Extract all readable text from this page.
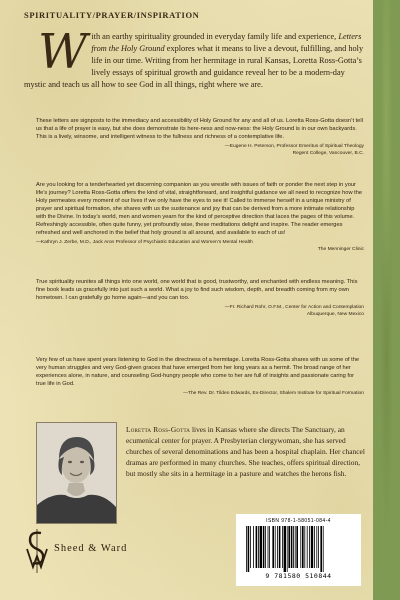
SPIRITUALITY/PRAYER/INSPIRATION

With an earthy spirituality grounded in everyday family life and experience, Letters from the Holy Ground explores what it means to live a devout, fulfilling, and holy life in our time. Writing from her hermitage in rural Kansas, Loretta Ross-Gotta’s lively essays of spiritual growth and guidance reveal her to be a modern-day mystic and teach us all how to see God in all things, right where we are.

These letters are signposts to the immediacy and accessibility of Holy Ground for any and all of us. Loretta Ross-Gotta doesn’t tell us that a life of prayer is easy, but she does demonstrate its here-ness and now-ness: the Holy Ground is in our own backyards. This is a lively, winsome, and intelligent witness to the fullness and richness of a contemplative life.

—Eugene H. Peterson, Professor Emeritus of Spiritual Theology
Regent College, Vancouver, B.C.

Are you looking for a tenderhearted yet discerning companion as you wrestle with issues of faith or ponder the next step in your life’s journey? Loretta Ross-Gotta offers the kind of vital, straightforward, and insightful guidance we all need to recognize how the Holy permeates every moment of our lives if we only have the eyes to see it! Called to immerse herself in a unique ministry of prayer and spiritual formation, she shares with us the sustenance and joy that can be derived from a more intimate relationship with the Divine. In today’s world, men and women yearn for the kind of perceptive direction that laces the pages of this volume. Refreshingly accessible, often quite funny, yet profoundly wise, these meditations delight and inspire. The reader emerges refreshed and well anchored in the belief that holy ground is all around, and available to each of us!

—Kathryn J. Zerbe, M.D., Jack Aron Professor of Psychiatric Education and Women’s Mental Health
The Menninger Clinic

True spirituality reunites all things into one world, one world that is good, trustworthy, and enchanted with endless meaning. This fine book leads us gracefully into just such a world. What a joy to find such wisdom, depth, and breadth coming from my own hometown. I can gratefully go home again—and you can too.

—Fr. Richard Rohr, O.F.M., Center for Action and Contemplation
Albuquerque, New Mexico

Very few of us have spent years listening to God in the directness of a hermitage. Loretta Ross-Gotta shares with us some of the very human struggles and very God-given graces that have emerged from her long years as a hermit. The broad range of her experiences alone, in nature, and counseling God-hungry people who come to her are full of insights and passionate caring for true life in God.

—The Rev. Dr. Tilden Edwards, Ex-Director, Shalem Institute for Spiritual Formation

Loretta Ross-Gotta lives in Kansas where she directs The Sanctuary, an ecumenical center for prayer. A Presbyterian clergywoman, she has served churches of several denominations and has been a hospital chaplain. Her chancel dramas are performed in many churches. She teaches, offers spiritual direction, but mostly she sits in a hermitage in a pasture and watches the herons fish.

Sheed & Ward
ISBN 978-1-58051-084-4
9 781580 510844
